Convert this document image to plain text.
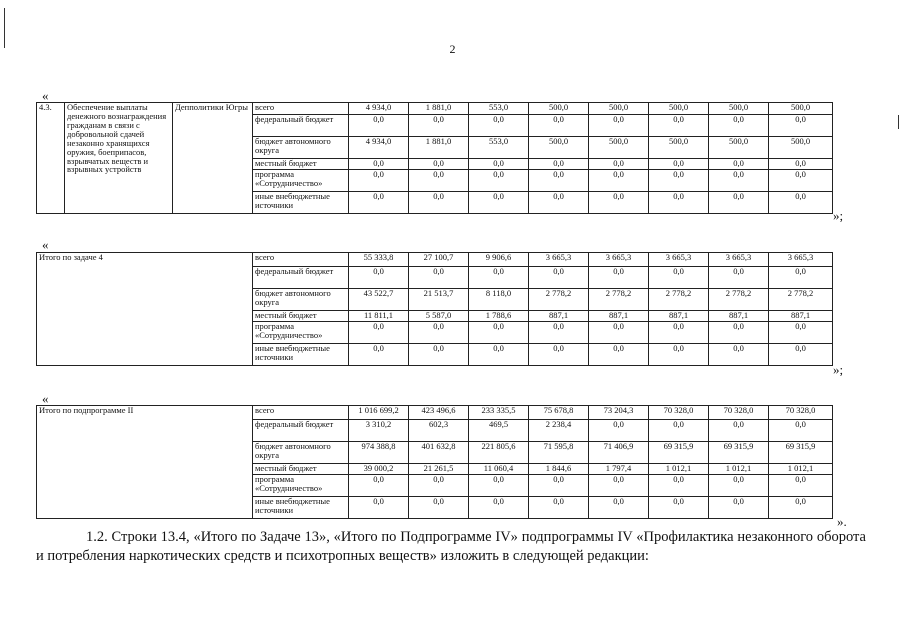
2
«
4.3.	Обеспечение выплаты денежного вознаграждения гражданам в связи с добровольной сдачей незаконно хранящихся оружия, боеприпасов, взрывчатых веществ и взрывных устройств	Депполитики Югры	всего	4 934,0	1 881,0	553,0	500,0	500,0	500,0	500,0	500,0
			федеральный бюджет	0,0	0,0	0,0	0,0	0,0	0,0	0,0	0,0
			бюджет автономного округа	4 934,0	1 881,0	553,0	500,0	500,0	500,0	500,0	500,0
			местный бюджет	0,0	0,0	0,0	0,0	0,0	0,0	0,0	0,0
			программа «Сотрудничество»	0,0	0,0	0,0	0,0	0,0	0,0	0,0	0,0
			иные внебюджетные источники	0,0	0,0	0,0	0,0	0,0	0,0	0,0	0,0
»;
«
Итого по задаче 4	всего	55 333,8	27 100,7	9 906,6	3 665,3	3 665,3	3 665,3	3 665,3	3 665,3
	федеральный бюджет	0,0	0,0	0,0	0,0	0,0	0,0	0,0	0,0
	бюджет автономного округа	43 522,7	21 513,7	8 118,0	2 778,2	2 778,2	2 778,2	2 778,2	2 778,2
	местный бюджет	11 811,1	5 587,0	1 788,6	887,1	887,1	887,1	887,1	887,1
	программа «Сотрудничество»	0,0	0,0	0,0	0,0	0,0	0,0	0,0	0,0
	иные внебюджетные источники	0,0	0,0	0,0	0,0	0,0	0,0	0,0	0,0
»;
«
Итого по подпрограмме II	всего	1 016 699,2	423 496,6	233 335,5	75 678,8	73 204,3	70 328,0	70 328,0	70 328,0
	федеральный бюджет	3 310,2	602,3	469,5	2 238,4	0,0	0,0	0,0	0,0
	бюджет автономного округа	974 388,8	401 632,8	221 805,6	71 595,8	71 406,9	69 315,9	69 315,9	69 315,9
	местный бюджет	39 000,2	21 261,5	11 060,4	1 844,6	1 797,4	1 012,1	1 012,1	1 012,1
	программа «Сотрудничество»	0,0	0,0	0,0	0,0	0,0	0,0	0,0	0,0
	иные внебюджетные источники	0,0	0,0	0,0	0,0	0,0	0,0	0,0	0,0
».
1.2. Строки 13.4, «Итого по Задаче 13», «Итого по Подпрограмме IV» подпрограммы IV «Профилактика незаконного оборота и потребления наркотических средств и психотропных веществ» изложить в следующей редакции:
